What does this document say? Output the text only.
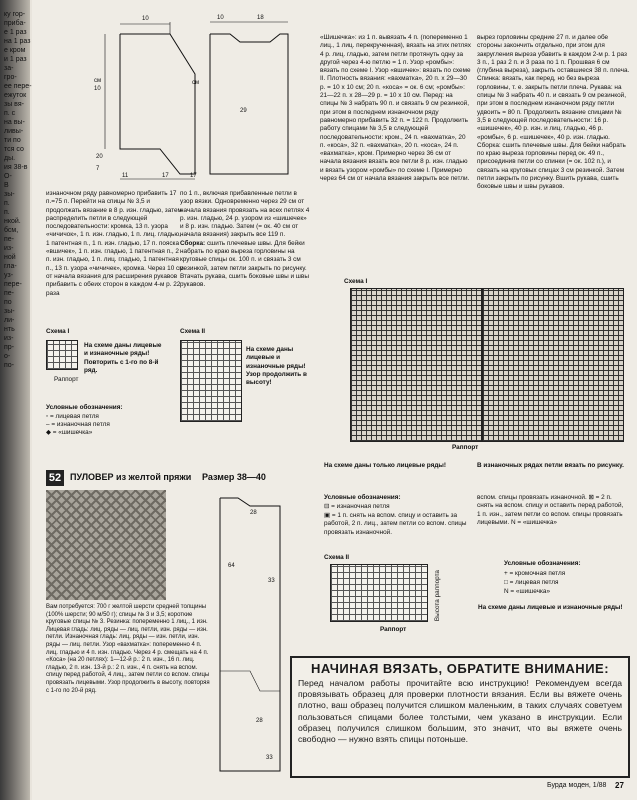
ку гор-
приба-
е 1 раз
на 1 раз
е кром
и 1 раз
за-
гро-
ее пере-
ежуток
зы вя-
п. с
на вы-
ливы-
ти по
тся со
ды.
ия 38-в
О-
В
зы-
п.
п.
нкой.
бсм,
пе-
из-
ной
гла-
уз-
пере-
пе-
по
зы-
ли-
нть
из-
пр-
о-
по-
10
см
10
20
7
11	17	17
10	18
см
29
изнаночном ряду равномерно прибавить 17 п.=75 п. Перейти на спицы № 3,5 и продолжать вязание в 8 р. изн. гладью, затем распределить петли в следующей последовательности: кромка, 13 п. узора «чичичок», 1 п. изн. гладью, 1 п. лиц. гладью, 1 патентная п., 1 п. изн. гладью, 17 п. пояска «вшичек», 1 п. изн. гладью, 1 патентная п., 2 п. изн. гладью, 1 п. лиц. гладью, 1 патентная п., 13 п. узора «чичичек», кромка. Через 10 см от начала вязания для расширения рукавов прибавить с обеих сторон в каждом 4-м р. 22 раза
по 1 п., включая прибавленные петли в узор вязки. Одновременно через 29 см от начала вязания провязать на всех петлях 4 р. изн. гладью, 24 р. узором из «шишечек» и 8 р. изн. гладью. Затем (= ок. 40 см от начала вязания) закрыть все 119 п. Сборка: сшить плечевые швы. Для бейки набрать по краю выреза горловины на круговые спицы ок. 100 п. и связать 3 см резинкой, затем петли закрыть по рисунку. Втачать рукава, сшить боковые швы и швы рукавов.
«Шишечка»: из 1 п. вывязать 4 п. (попеременно 1 лиц., 1 лиц. перекрученная), вязать на этих петлях 4 р. лиц. гладью, затем петли протянуть одну за другой через 4-ю петлю = 1 п. Узор «ромбы»: вязать по схеме I. Узор «вшичек»: вязать по схеме II. Плотность вязания: «вахматка», 20 п. x 29—30 р. = 10 x 10 см; 20 п. «коса» = ок. 6 см; «ромбы»: 21—22 п. x 28—29 р. = 10 x 10 см. Перед: на спицы № 3 набрать 90 п. и связать 9 см резинкой, при этом в последнем изнаночном ряду равномерно прибавить 32 п. = 122 п. Продолжить работу спицами № 3,5 в следующей последовательности: кром., 24 п. «вахматка», 20 п. «коса», 32 п. «вахматка», 20 п. «коса», 24 п. «вахматка», кром. Примерно через 36 см от начала вязания вязать все петли 8 р. изн. гладью и вязать узором «ромбы» по схеме I. Примерно через 64 см от начала вязания закрыть все петли.
вырез горловины средние 27 п. и далее обе стороны закончить отдельно, при этом для закругления выреза убавить в каждом 2-м р. 1 раз 3 п., 1 раз 2 п. и 3 раза по 1 п. Прошвая 6 см (глубина выреза), закрыть оставшиеся 38 п. плеча. Спинка: вязать, как перед, но без выреза горловины, т. е. закрыть петли плеча. Рукава: на спицы № 3 набрать 40 п. и связать 9 см резинкой, при этом в последнем изнаночном ряду петли удвоить = 80 п. Продолжить вязание спицами № 3,5 в следующей последовательности: 16 р. «шишечек», 40 р. изн. и лиц. гладью, 46 р. «ромбы», 6 р. «шишечек», 40 р. изн. гладью. Сборка: сшить плечевые швы. Для бейки набрать по краю выреза горловины перед ок. 49 п., присоединив петли со спинки (= ок. 102 п.), и связать на круговых спицах 3 см резинкой. Затем петли закрыть по рисунку. Вшить рукава, сшить боковые швы и швы рукавов.
Схема I
На схеме даны лицевые и изнаночные ряды! Повторить с 1-го по 8-й ряд.
Раппорт
Схема II
На схеме даны лицевые и изнаночные ряды! Узор продолжить в высоту!
Условные обозначения:
▫ = лицевая петля
– = изнаночная петля
◆ = «шишечка»
Схема I
Раппорт
На схеме даны только лицевые ряды!	В изнаночных рядах петли вязать по рисунку.
52 ПУЛОВЕР из желтой пряжи Размер 38—40
28
64
33
28
33
Вам потребуется: 700 г желтой шерсти средней толщины (100% шерсти; 90 м/50 г); спицы № 3 и 3,5; короткие круговые спицы № 3. Резинка: попеременно 1 лиц., 1 изн. Лицевая гладь: лиц. ряды — лиц. петли, изн. ряды — изн. петли. Изнаночная гладь: лиц. ряды — изн. петли, изн. ряды — лиц. петли. Узор «вахматка»: попеременно 4 п. лиц. гладью и 4 п. изн. гладью. Через 4 р. смещать на 4 п. «Коса» (на 20 петлях): 1—12-й р.: 2 п. изн., 16 п. лиц. гладью, 2 п. изн. 13-й р.: 2 п. изн., 4 п. снять на вспом. спицу перед работой, 4 лиц., затем петли со вспом. спицы провязать лицевыми. Узор продолжить в высоту, повторяя с 1-го по 20-й ряд.
Условные обозначения:
⊟ = изнаночная петля
▣ = 1 п. снять на вспом. спицу и оставить за работой, 2 п. лиц., затем петли со вспом. спицы провязать изнаночной.
вспом. спицы провязать изнаночной. ⊠ = 2 п. снять на вспом. спицу и оставить перед работой, 1 п. изн., затем петли со вспом. спицы провязать лицевыми. N = «шишечка»
Схема II
Высота раппорта
Раппорт
Условные обозначения:
+ = кромочная петля
□ = лицевая петля
N = «шишечка»
На схеме даны лицевые и изнаночные ряды!
НАЧИНАЯ ВЯЗАТЬ, ОБРАТИТЕ ВНИМАНИЕ:
Перед началом работы прочитайте всю инструкцию! Рекомендуем всегда провязывать образец для проверки плотности вязания. Если вы вяжете очень плотно, ваш образец получится слишком маленьким, в таких случаях советуем пользоваться спицами более толстыми, чем указано в инструкции. Если образец получился слишком большим, это значит, что вы вяжете очень свободно — нужно взять спицы потоньше.
Бурда моден, 1/88 27
